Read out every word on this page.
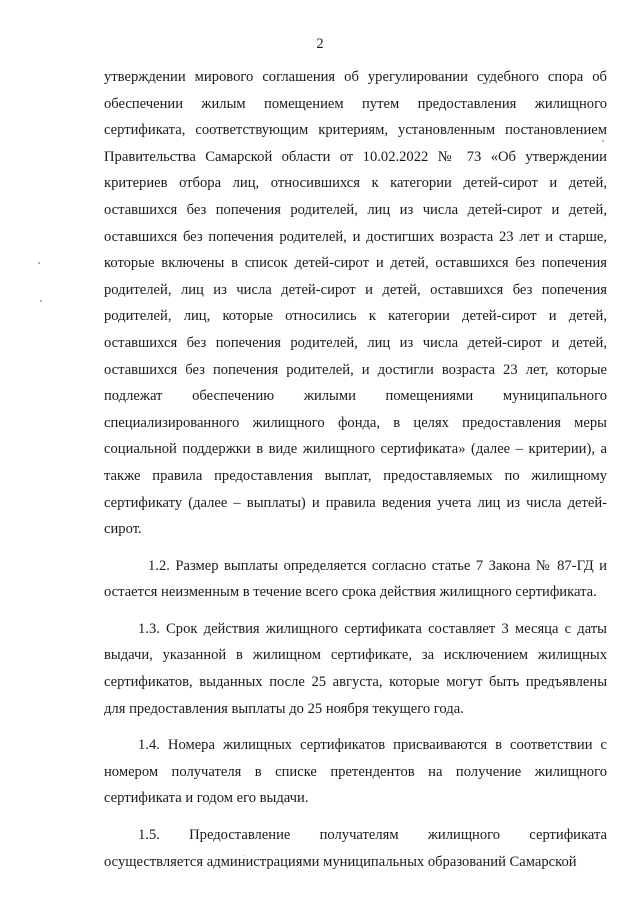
2

утверждении мирового соглашения об урегулировании судебного спора об обеспечении жилым помещением путем предоставления жилищного сертификата, соответствующим критериям, установленным постановлением Правительства Самарской области от 10.02.2022 № 73 «Об утверждении критериев отбора лиц, относившихся к категории детей-сирот и детей, оставшихся без попечения родителей, лиц из числа детей-сирот и детей, оставшихся без попечения родителей, и достигших возраста 23 лет и старше, которые включены в список детей-сирот и детей, оставшихся без попечения родителей, лиц из числа детей-сирот и детей, оставшихся без попечения родителей, лиц, которые относились к категории детей-сирот и детей, оставшихся без попечения родителей, лиц из числа детей-сирот и детей, оставшихся без попечения родителей, и достигли возраста 23 лет, которые подлежат обеспечению жилыми помещениями муниципального специализированного жилищного фонда, в целях предоставления меры социальной поддержки в виде жилищного сертификата» (далее – критерии), а также правила предоставления выплат, предоставляемых по жилищному сертификату (далее – выплаты) и правила ведения учета лиц из числа детей-сирот.

1.2. Размер выплаты определяется согласно статье 7 Закона № 87-ГД и остается неизменным в течение всего срока действия жилищного сертификата.

1.3. Срок действия жилищного сертификата составляет 3 месяца с даты выдачи, указанной в жилищном сертификате, за исключением жилищных сертификатов, выданных после 25 августа, которые могут быть предъявлены для предоставления выплаты до 25 ноября текущего года.

1.4. Номера жилищных сертификатов присваиваются в соответствии с номером получателя в списке претендентов на получение жилищного сертификата и годом его выдачи.

1.5. Предоставление получателям жилищного сертификата осуществляется администрациями муниципальных образований Самарской
